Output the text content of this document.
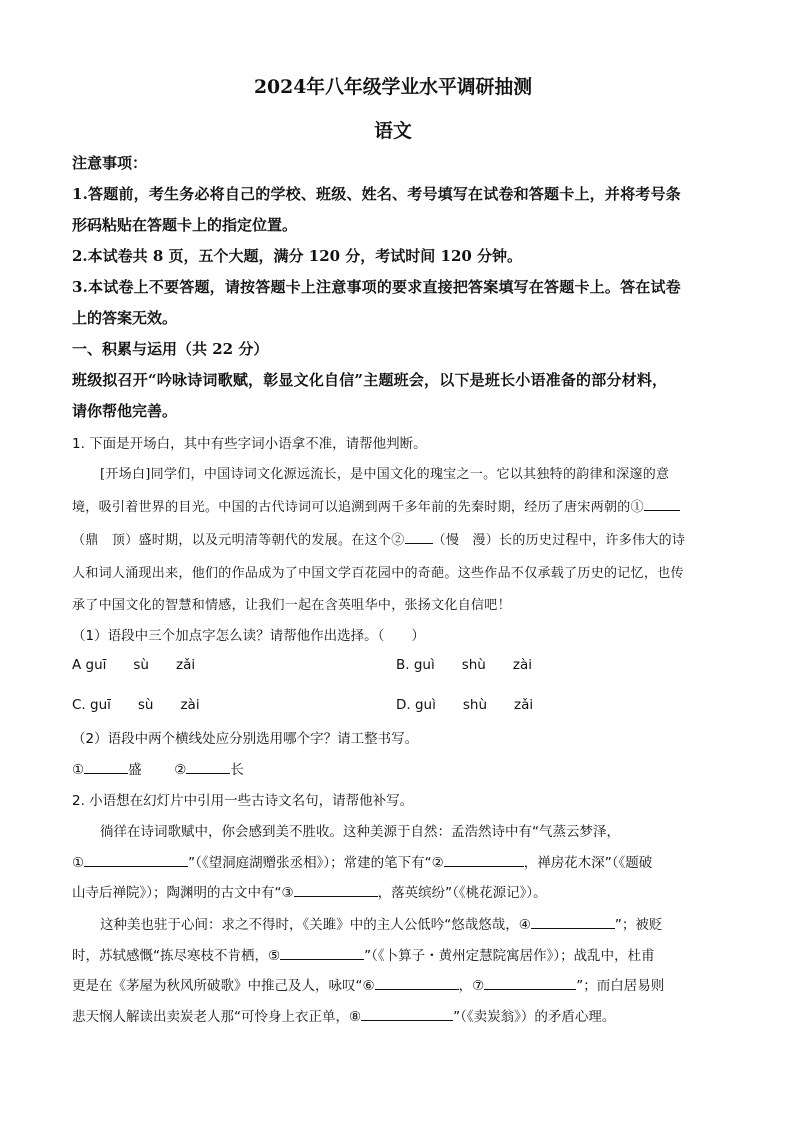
2024年八年级学业水平调研抽测
语文
注意事项：
1.答题前，考生务必将自己的学校、班级、姓名、考号填写在试卷和答题卡上，并将考号条
形码粘贴在答题卡上的指定位置。
2.本试卷共 8 页，五个大题，满分 120 分，考试时间 120 分钟。
3.本试卷上不要答题，请按答题卡上注意事项的要求直接把答案填写在答题卡上。答在试卷
上的答案无效。
一、积累与运用（共 22 分）
班级拟召开“吟咏诗词歌赋，彰显文化自信”主题班会，以下是班长小语准备的部分材料，
请你帮他完善。
1. 下面是开场白，其中有些字词小语拿不准，请帮他判断。
[开场白]同学们，中国诗词文化源远流长，是中国文化的瑰宝之一。它以其独特的韵律和深邃的意
境，吸引着世界的目光。中国的古代诗词可以追溯到两千多年前的先秦时期，经历了唐宋两朝的①
（鼎　顶）盛时期，以及元明清等朝代的发展。在这个② （慢　漫）长的历史过程中，许多伟大的诗
人和词人涌现出来，他们的作品成为了中国文学百花园中的奇葩。这些作品不仅承载了历史的记忆，也传
承了中国文化的智慧和情感，让我们一起在含英咀华中，张扬文化自信吧！
（1）语段中三个加点字怎么读？请帮他作出选择。（　　）
A guī　　sù　　zǎi	B. guì　　shù　　zài
C. guī　　sù　　zài	D. guì　　shù　　zǎi
（2）语段中两个横线处应分别选用哪个字？请工整书写。
①	盛 ②	长
2. 小语想在幻灯片中引用一些古诗文名句，请帮他补写。
徜徉在诗词歌赋中，你会感到美不胜收。这种美源于自然：孟浩然诗中有“气蒸云梦泽，
①	”（《望洞庭湖赠张丞相》）；常建的笔下有“②	，禅房花木深”（《题破
山寺后禅院》）；陶渊明的古文中有“③	，落英缤纷”（《桃花源记》）。
这种美也驻于心间：求之不得时，《关雎》中的主人公低吟“悠哉悠哉，④	”；被贬
时，苏轼感慨“拣尽寒枝不肯栖，⑤	”（《卜算子・黄州定慧院寓居作》）；战乱中，杜甫
更是在《茅屋为秋风所破歌》中推己及人，咏叹“⑥	，⑦	”；而白居易则
悲天悯人解读出卖炭老人那“可怜身上衣正单，⑧	”（《卖炭翁》）的矛盾心理。
